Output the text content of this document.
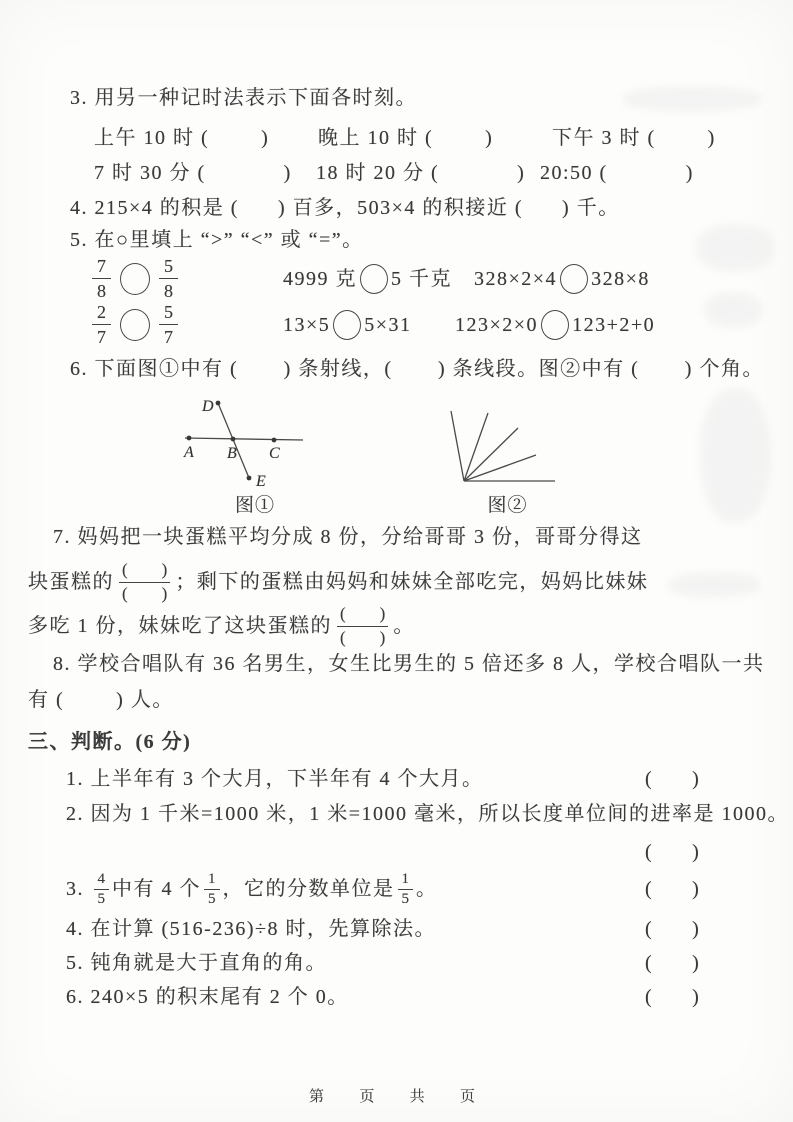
3. 用另一种记时法表示下面各时刻。
上午 10 时 (        ) 晚上 10 时 (        )	下午 3 时 (        )
7 时 30 分 (            ) 18 时 20 分 (            ) 20:50 (            )
4. 215×4 的积是 (      ) 百多，503×4 的积接近 (      ) 千。
5. 在○里填上 “>” “<” 或 “=”。
$\frac{7}{8}$	$\frac{5}{8}$	4999 克 5 千克 328×2×4 328×8
$\frac{2}{7}$	$\frac{5}{7}$	13×5 5×31 123×2×0 123+2+0
6. 下面图①中有 (       ) 条射线，(       ) 条线段。图②中有 (       ) 个角。
A B C
D
E
图①	图②
7. 妈妈把一块蛋糕平均分成 8 份，分给哥哥 3 份，哥哥分得这
块蛋糕的
(        )
(        ) ；剩下的蛋糕由妈妈和妹妹全部吃完，妈妈比妹妹
多吃 1 份，妹妹吃了这块蛋糕的
(        )
(        ) 。
8. 学校合唱队有 36 名男生，女生比男生的 5 倍还多 8 人，学校合唱队一共
有 (        ) 人。
三、判断。(6 分)
1. 上半年有 3 个大月，下半年有 4 个大月。	(      )
2. 因为 1 千米=1000 米，1 米=1000 毫米，所以长度单位间的进率是 1000。
(      )
3. 4
5 中有 4 个 1
5 ，它的分数单位是 1
5 。	(      )
4. 在计算 (516-236)÷8 时，先算除法。	(      )
5. 钝角就是大于直角的角。	(      )
6. 240×5 的积末尾有 2 个 0。	(      )
第  页  共  页
